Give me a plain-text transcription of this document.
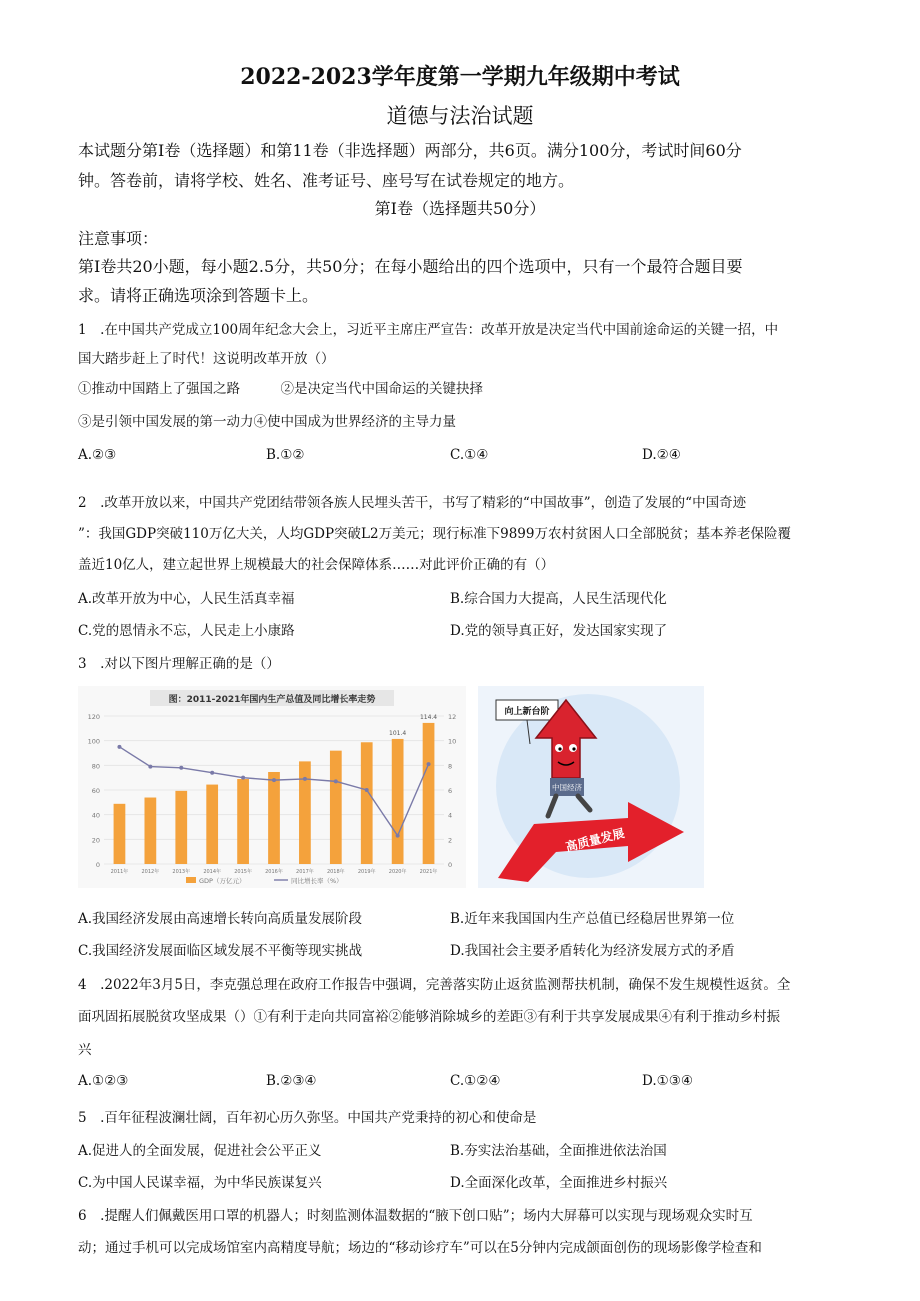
2022-2023学年度第一学期九年级期中考试
道德与法治试题
本试题分第I卷（选择题）和第11卷（非选择题）两部分，共6页。满分100分，考试时间60分
钟。答卷前，请将学校、姓名、准考证号、座号写在试卷规定的地方。
第I卷（选择题共50分）
注意事项：
第I卷共20小题，每小题2.5分，共50分；在每小题给出的四个选项中，只有一个最符合题目要
求。请将正确选项涂到答题卡上。
1　.在中国共产党成立100周年纪念大会上，习近平主席庄严宣告：改革开放是决定当代中国前途命运的关键一招，中
国大踏步赶上了时代！这说明改革开放（）
①推动中国踏上了强国之路　　　②是决定当代中国命运的关键抉择
③是引领中国发展的第一动力④使中国成为世界经济的主导力量
A.②③	B.①②	C.①④	D.②④
2　.改革开放以来，中国共产党团结带领各族人民埋头苦干，书写了精彩的“中国故事”，创造了发展的“中国奇迹
”：我国GDP突破110万亿大关，人均GDP突破L2万美元；现行标准下9899万农村贫困人口全部脱贫；基本养老保险覆
盖近10亿人，建立起世界上规模最大的社会保障体系……对此评价正确的有（）
A.改革开放为中心，人民生活真幸福	B.综合国力大提高，人民生活现代化
C.党的恩情永不忘，人民走上小康路	D.党的领导真正好，发达国家实现了
3　.对以下图片理解正确的是（）
图：2011-2021年国内生产总值及同比增长率走势
120
100
80
60
40
20
0
12
10
8
6
4
2
0
2011年	2012年	2013年	2014年	2015年	2016年	2017年	2018年	2019年	2020年	2021年
101.4
114.4
GDP（万亿元）	同比增长率（%）
向上新台阶
中国经济
高质量发展
A.我国经济发展由高速增长转向高质量发展阶段	B.近年来我国国内生产总值已经稳居世界第一位
C.我国经济发展面临区域发展不平衡等现实挑战	D.我国社会主要矛盾转化为经济发展方式的矛盾
4　.2022年3月5日，李克强总理在政府工作报告中强调，完善落实防止返贫监测帮扶机制，确保不发生规模性返贫。全
面巩固拓展脱贫攻坚成果（）①有利于走向共同富裕②能够消除城乡的差距③有利于共享发展成果④有利于推动乡村振
兴
A.①②③	B.②③④	C.①②④	D.①③④
5　.百年征程波澜壮阔，百年初心历久弥坚。中国共产党秉持的初心和使命是
A.促进人的全面发展，促进社会公平正义	B.夯实法治基础，全面推进依法治国
C.为中国人民谋幸福，为中华民族谋复兴	D.全面深化改革，全面推进乡村振兴
6　.提醒人们佩戴医用口罩的机器人；时刻监测体温数据的“腋下创口贴”；场内大屏幕可以实现与现场观众实时互
动；通过手机可以完成场馆室内高精度导航；场边的“移动诊疗车”可以在5分钟内完成颌面创伤的现场影像学检查和
